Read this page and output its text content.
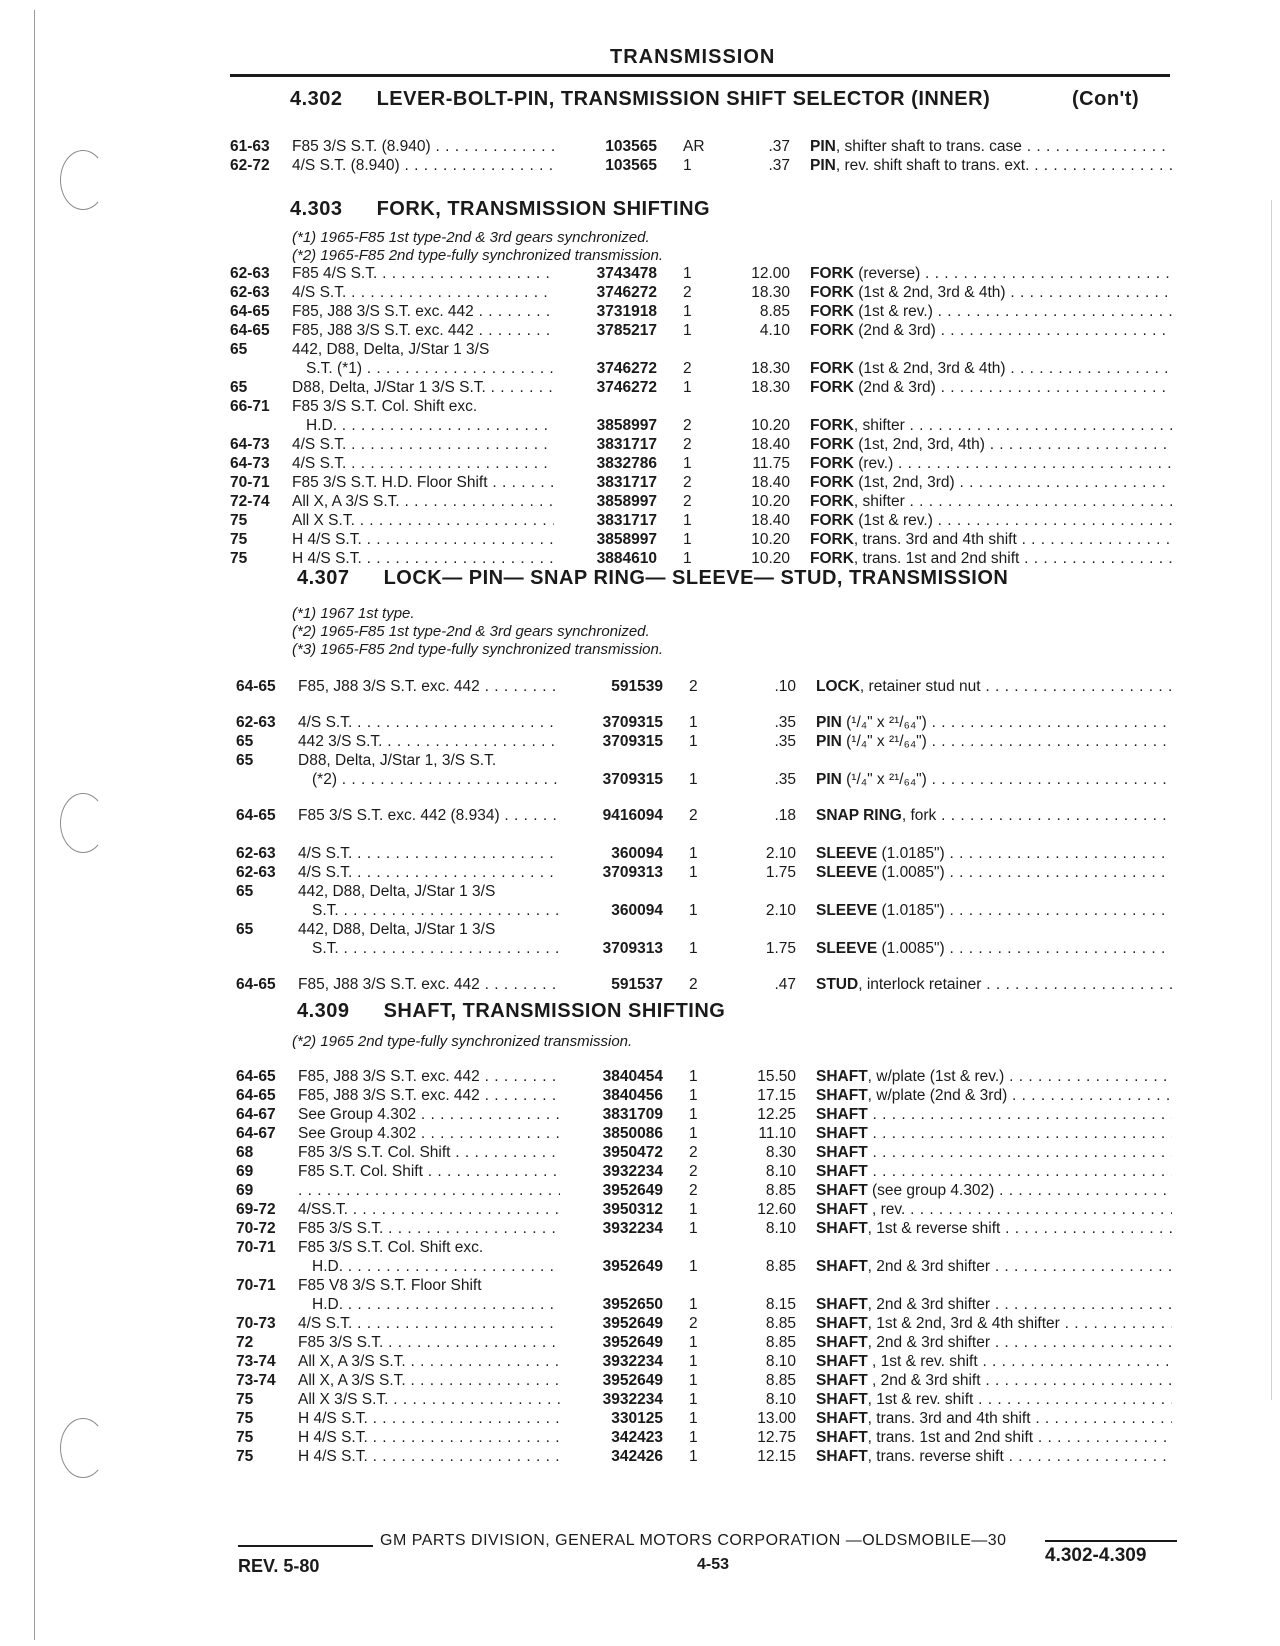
TRANSMISSION
4.302 LEVER-BOLT-PIN, TRANSMISSION SHIFT SELECTOR (INNER)	(Con't)
61-63 F85 3/S S.T. (8.940) . . .	103565 AR	.37 PIN, shifter shaft to trans. case . . .
62-72 4/S S.T. (8.940) . . .	103565 1	.37 PIN, rev. shift shaft to trans. ext. . . .
4.303 FORK, TRANSMISSION SHIFTING
(*1) 1965-F85 1st type-2nd & 3rd gears synchronized.
(*2) 1965-F85 2nd type-fully synchronized transmission.
62-63 F85 4/S S.T. . . .	3743478 1	12.00 FORK (reverse) . . .
62-63 4/S S.T. . . .	3746272 2	18.30 FORK (1st & 2nd, 3rd & 4th) . . .
64-65 F85, J88 3/S S.T. exc. 442 . . .	3731918 1	8.85 FORK (1st & rev.) . . .
64-65 F85, J88 3/S S.T. exc. 442 . . .	3785217 1	4.10 FORK (2nd & 3rd) . . .
65	442, D88, Delta, J/Star 1 3/S
S.T. (*1) . . .	3746272 2	18.30 FORK (1st & 2nd, 3rd & 4th) . . .
65	D88, Delta, J/Star 1 3/S S.T. . . .	3746272 1	18.30 FORK (2nd & 3rd) . . .
66-71 F85 3/S S.T. Col. Shift exc.
H.D. . . .	3858997 2	10.20 FORK, shifter . . .
64-73 4/S S.T. . . .	3831717 2	18.40 FORK (1st, 2nd, 3rd, 4th) . . .
64-73 4/S S.T. . . .	3832786 1	11.75 FORK (rev.) . . .
70-71 F85 3/S S.T. H.D. Floor Shift . . .	3831717 2	18.40 FORK (1st, 2nd, 3rd) . . .
72-74 All X, A 3/S S.T. . . .	3858997 2	10.20 FORK, shifter . . .
75	All X S.T. . . .	3831717 1	18.40 FORK (1st & rev.) . . .
75	H 4/S S.T. . . .	3858997 1	10.20 FORK, trans. 3rd and 4th shift . . .
75	H 4/S S.T. . . .	3884610 1	10.20 FORK, trans. 1st and 2nd shift . . .
4.307 LOCK— PIN— SNAP RING— SLEEVE— STUD, TRANSMISSION
(*1) 1967 1st type.
(*2) 1965-F85 1st type-2nd & 3rd gears synchronized.
(*3) 1965-F85 2nd type-fully synchronized transmission.
64-65 F85, J88 3/S S.T. exc. 442 . . .	591539 2	.10 LOCK, retainer stud nut . . .
62-63 4/S S.T. . . .	3709315 1	.35 PIN (¹/₄" x ²¹/₆₄") . . .
65	442 3/S S.T. . . .	3709315 1	.35 PIN (¹/₄" x ²¹/₆₄") . . .
65	D88, Delta, J/Star 1, 3/S S.T.
(*2) . . .	3709315 1	.35 PIN (¹/₄" x ²¹/₆₄") . . .
64-65 F85 3/S S.T. exc. 442 (8.934) . . .	9416094 2	.18 SNAP RING, fork . . .
62-63 4/S S.T. . . .	360094 1	2.10 SLEEVE (1.0185") . . .
62-63 4/S S.T. . . .	3709313 1	1.75 SLEEVE (1.0085") . . .
65	442, D88, Delta, J/Star 1 3/S
S.T. . . .	360094 1	2.10 SLEEVE (1.0185") . . .
65	442, D88, Delta, J/Star 1 3/S
S.T. . . .	3709313 1	1.75 SLEEVE (1.0085") . . .
64-65 F85, J88 3/S S.T. exc. 442 . . .	591537 2	.47 STUD, interlock retainer . . .
4.309 SHAFT, TRANSMISSION SHIFTING
(*2) 1965 2nd type-fully synchronized transmission.
64-65 F85, J88 3/S S.T. exc. 442 . . .	3840454 1	15.50 SHAFT, w/plate (1st & rev.) . . .
64-65 F85, J88 3/S S.T. exc. 442 . . .	3840456 1	17.15 SHAFT, w/plate (2nd & 3rd) . . .
64-67 See Group 4.302 . . .	3831709 1	12.25 SHAFT . . .
64-67 See Group 4.302 . . .	3850086 1	11.10 SHAFT . . .
68	F85 3/S S.T. Col. Shift . . .	3950472 2	8.30 SHAFT . . .
69	F85 S.T. Col. Shift . . .	3932234 2	8.10 SHAFT . . .
69
. . .	3952649 2	8.85 SHAFT (see group 4.302) . . .
69-72 4/SS.T. . . .	3950312 1	12.60 SHAFT , rev. . . .
70-72 F85 3/S S.T. . . .	3932234 1	8.10 SHAFT, 1st & reverse shift . . .
70-71 F85 3/S S.T. Col. Shift exc.
H.D. . . .	3952649 1	8.85 SHAFT, 2nd & 3rd shifter . . .
70-71 F85 V8 3/S S.T. Floor Shift
H.D. . . .	3952650 1	8.15 SHAFT, 2nd & 3rd shifter . . .
70-73 4/S S.T. . . .	3952649 2	8.85 SHAFT, 1st & 2nd, 3rd & 4th shifter . . .
72	F85 3/S S.T. . . .	3952649 1	8.85 SHAFT, 2nd & 3rd shifter . . .
73-74 All X, A 3/S S.T. . . .	3932234 1	8.10 SHAFT , 1st & rev. shift . . .
73-74 All X, A 3/S S.T. . . .	3952649 1	8.85 SHAFT , 2nd & 3rd shift . . .
75	All X 3/S S.T. . . .	3932234 1	8.10 SHAFT, 1st & rev. shift . . .
75	H 4/S S.T. . . .	330125 1	13.00 SHAFT, trans. 3rd and 4th shift . . .
75	H 4/S S.T. . . .	342423 1	12.75 SHAFT, trans. 1st and 2nd shift . . .
75	H 4/S S.T. . . .	342426 1	12.15 SHAFT, trans. reverse shift . . .
GM PARTS DIVISION, GENERAL MOTORS CORPORATION —OLDSMOBILE—30
4-53
REV. 5-80	4.302-4.309
